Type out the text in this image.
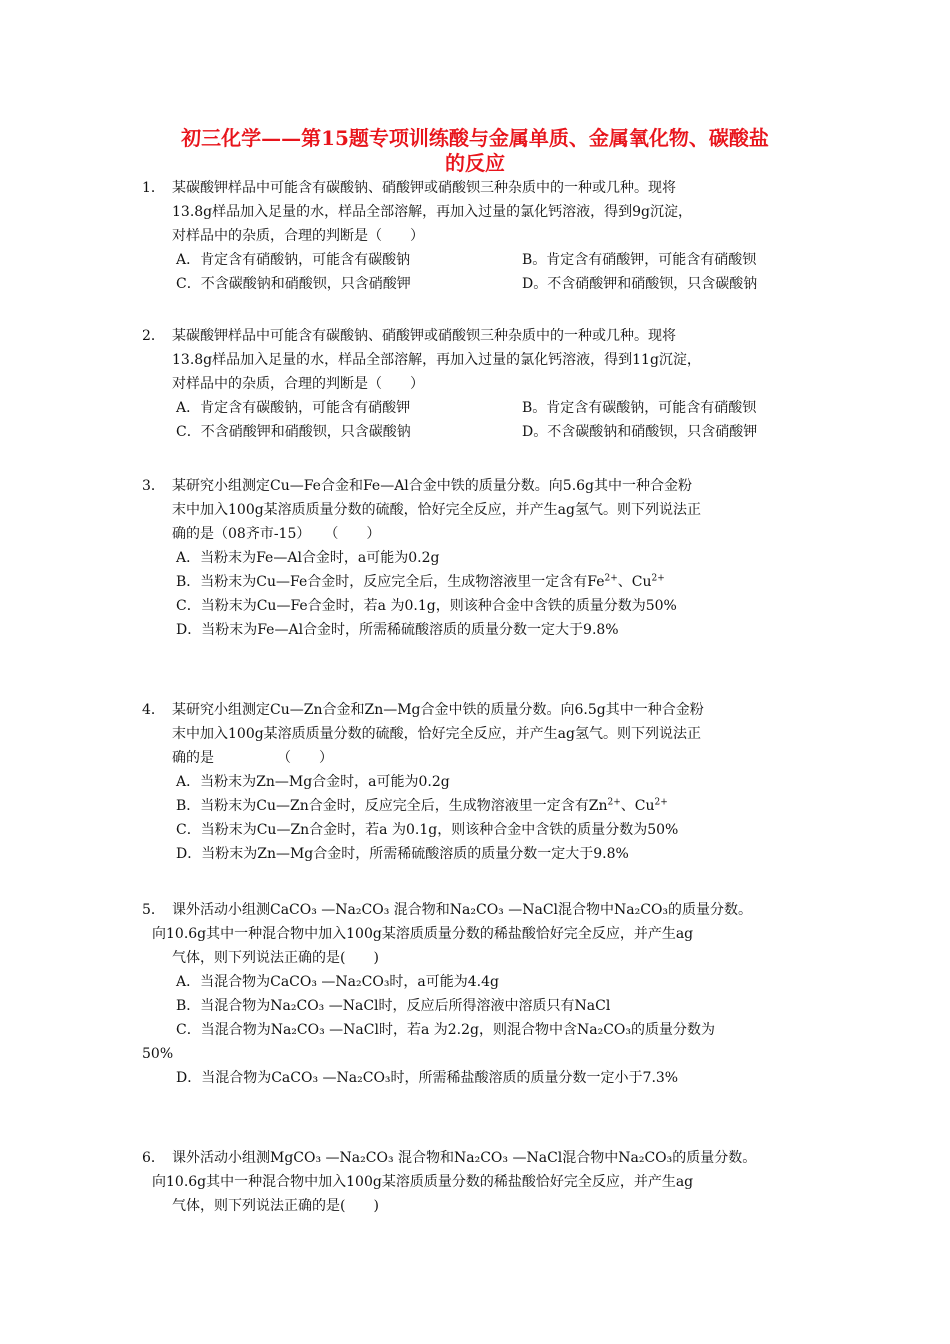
初三化学——第15题专项训练酸与金属单质、金属氧化物、碳酸盐
的反应
1． 某碳酸钾样品中可能含有碳酸钠、硝酸钾或硝酸钡三种杂质中的一种或几种。现将
13.8g样品加入足量的水，样品全部溶解，再加入过量的氯化钙溶液，得到9g沉淀，
对样品中的杂质，合理的判断是（　　）
A．肯定含有硝酸钠，可能含有碳酸钠	B。肯定含有硝酸钾，可能含有硝酸钡
C．不含碳酸钠和硝酸钡，只含硝酸钾	D。不含硝酸钾和硝酸钡，只含碳酸钠
2． 某碳酸钾样品中可能含有碳酸钠、硝酸钾或硝酸钡三种杂质中的一种或几种。现将
13.8g样品加入足量的水，样品全部溶解，再加入过量的氯化钙溶液，得到11g沉淀，
对样品中的杂质，合理的判断是（　　）
A．肯定含有碳酸钠，可能含有硝酸钾	B。肯定含有碳酸钠，可能含有硝酸钡
C．不含硝酸钾和硝酸钡，只含碳酸钠	D。不含碳酸钠和硝酸钡，只含硝酸钾
3． 某研究小组测定Cu—Fe合金和Fe—Al合金中铁的质量分数。向5.6g其中一种合金粉
末中加入100g某溶质质量分数的硫酸，恰好完全反应，并产生ag氢气。则下列说法正
确的是（08齐市-15）　　（　　）
A．当粉末为Fe—Al合金时，a可能为0.2g
B．当粉末为Cu—Fe合金时，反应完全后，生成物溶液里一定含有$Fe^{2+}$、$Cu^{2+}$
C．当粉末为Cu—Fe合金时，若a 为0.1g，则该种合金中含铁的质量分数为50%
D．当粉末为Fe—Al合金时，所需稀硫酸溶质的质量分数一定大于9.8%
4． 某研究小组测定Cu—Zn合金和Zn—Mg合金中铁的质量分数。向6.5g其中一种合金粉
末中加入100g某溶质质量分数的硫酸，恰好完全反应，并产生ag氢气。则下列说法正
确的是　　　　　（　　）
A．当粉末为Zn—Mg合金时，a可能为0.2g
B．当粉末为Cu—Zn合金时，反应完全后，生成物溶液里一定含有$Zn^{2+}$、$Cu^{2+}$
C．当粉末为Cu—Zn合金时，若a 为0.1g，则该种合金中含铁的质量分数为50%
D．当粉末为Zn—Mg合金时，所需稀硫酸溶质的质量分数一定大于9.8%
5． 课外活动小组测CaCO₃ —Na₂CO₃ 混合物和Na₂CO₃ —NaCl混合物中Na₂CO₃的质量分数。
向10.6g其中一种混合物中加入100g某溶质质量分数的稀盐酸恰好完全反应，并产生ag
气体，则下列说法正确的是(　　)
A．当混合物为CaCO₃ —Na₂CO₃时，a可能为4.4g
B．当混合物为Na₂CO₃ —NaCl时，反应后所得溶液中溶质只有NaCl
C．当混合物为Na₂CO₃ —NaCl时，若a 为2.2g，则混合物中含Na₂CO₃的质量分数为
50%
D．当混合物为CaCO₃ —Na₂CO₃时，所需稀盐酸溶质的质量分数一定小于7.3%
6． 课外活动小组测MgCO₃ —Na₂CO₃ 混合物和Na₂CO₃ —NaCl混合物中Na₂CO₃的质量分数。
向10.6g其中一种混合物中加入100g某溶质质量分数的稀盐酸恰好完全反应，并产生ag
气体，则下列说法正确的是(　　)
